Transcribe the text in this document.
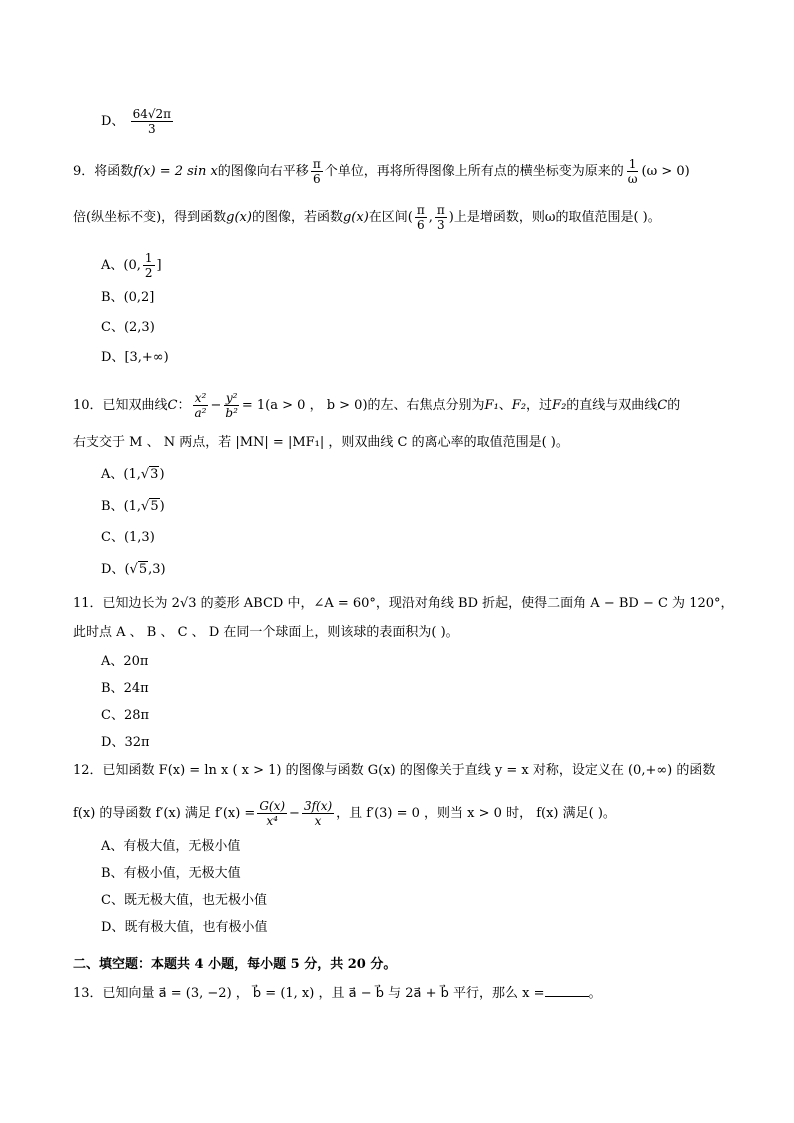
D、 $\frac{64√2\pi}{3}$
9．将函数f(x) = 2 sin x的图像向右平移 $\frac{\pi}{6}$ 个单位，再将所得图像上所有点的横坐标变为原来的 $\frac{1}{\omega} (\omega > 0)$
倍(纵坐标不变)，得到函数g(x)的图像，若函数g(x)在区间( $\frac{\pi}{6}$ , $\frac{\pi}{3}$ )上是增函数，则ω的取值范围是( )。
A、(0, $\frac{1}{2}$ ]
B、(0,2]
C、(2,3)
D、[3,+∞)
10．已知双曲线C： $\frac{\text{x²}}{\text{a²}} - \frac{\text{y²}}{\text{b²}} = 1(a > 0$ ， b > 0)的左、右焦点分别为F₁、F₂，过F₂的直线与双曲线C的
右支交于 M 、 N 两点，若 |MN| = |MF₁| ，则双曲线 C 的离心率的取值范围是( )。
A、(1,√3)
B、(1,√5)
C、(1,3)
D、(√5,3)
11．已知边长为 2√3 的菱形 ABCD 中，∠A = 60°，现沿对角线 BD 折起，使得二面角 A − BD − C 为 120°，
此时点 A 、 B 、 C 、 D 在同一个球面上，则该球的表面积为( )。
A、20π
B、24π
C、28π
D、32π
12．已知函数 F(x) = ln x ( x > 1) 的图像与函数 G(x) 的图像关于直线 y = x 对称，设定义在 (0,+∞) 的函数
f(x) 的导函数 f′(x) 满足 $f'(x) = \frac{G(x)}{\text{x⁴}} - \frac{3f(x)}{x}$ ，且 f′(3) = 0 ，则当 x > 0 时， f(x) 满足( )。
A、有极大值，无极小值
B、有极小值，无极大值
C、既无极大值，也无极小值
D、既有极大值，也有极小值
二、填空题：本题共 4 小题，每小题 5 分，共 20 分。
13．已知向量 a⃗ = (3, −2) ， b⃗ = (1, x) ，且 a⃗ − b⃗ 与 2a⃗ + b⃗ 平行，那么 x =	。
